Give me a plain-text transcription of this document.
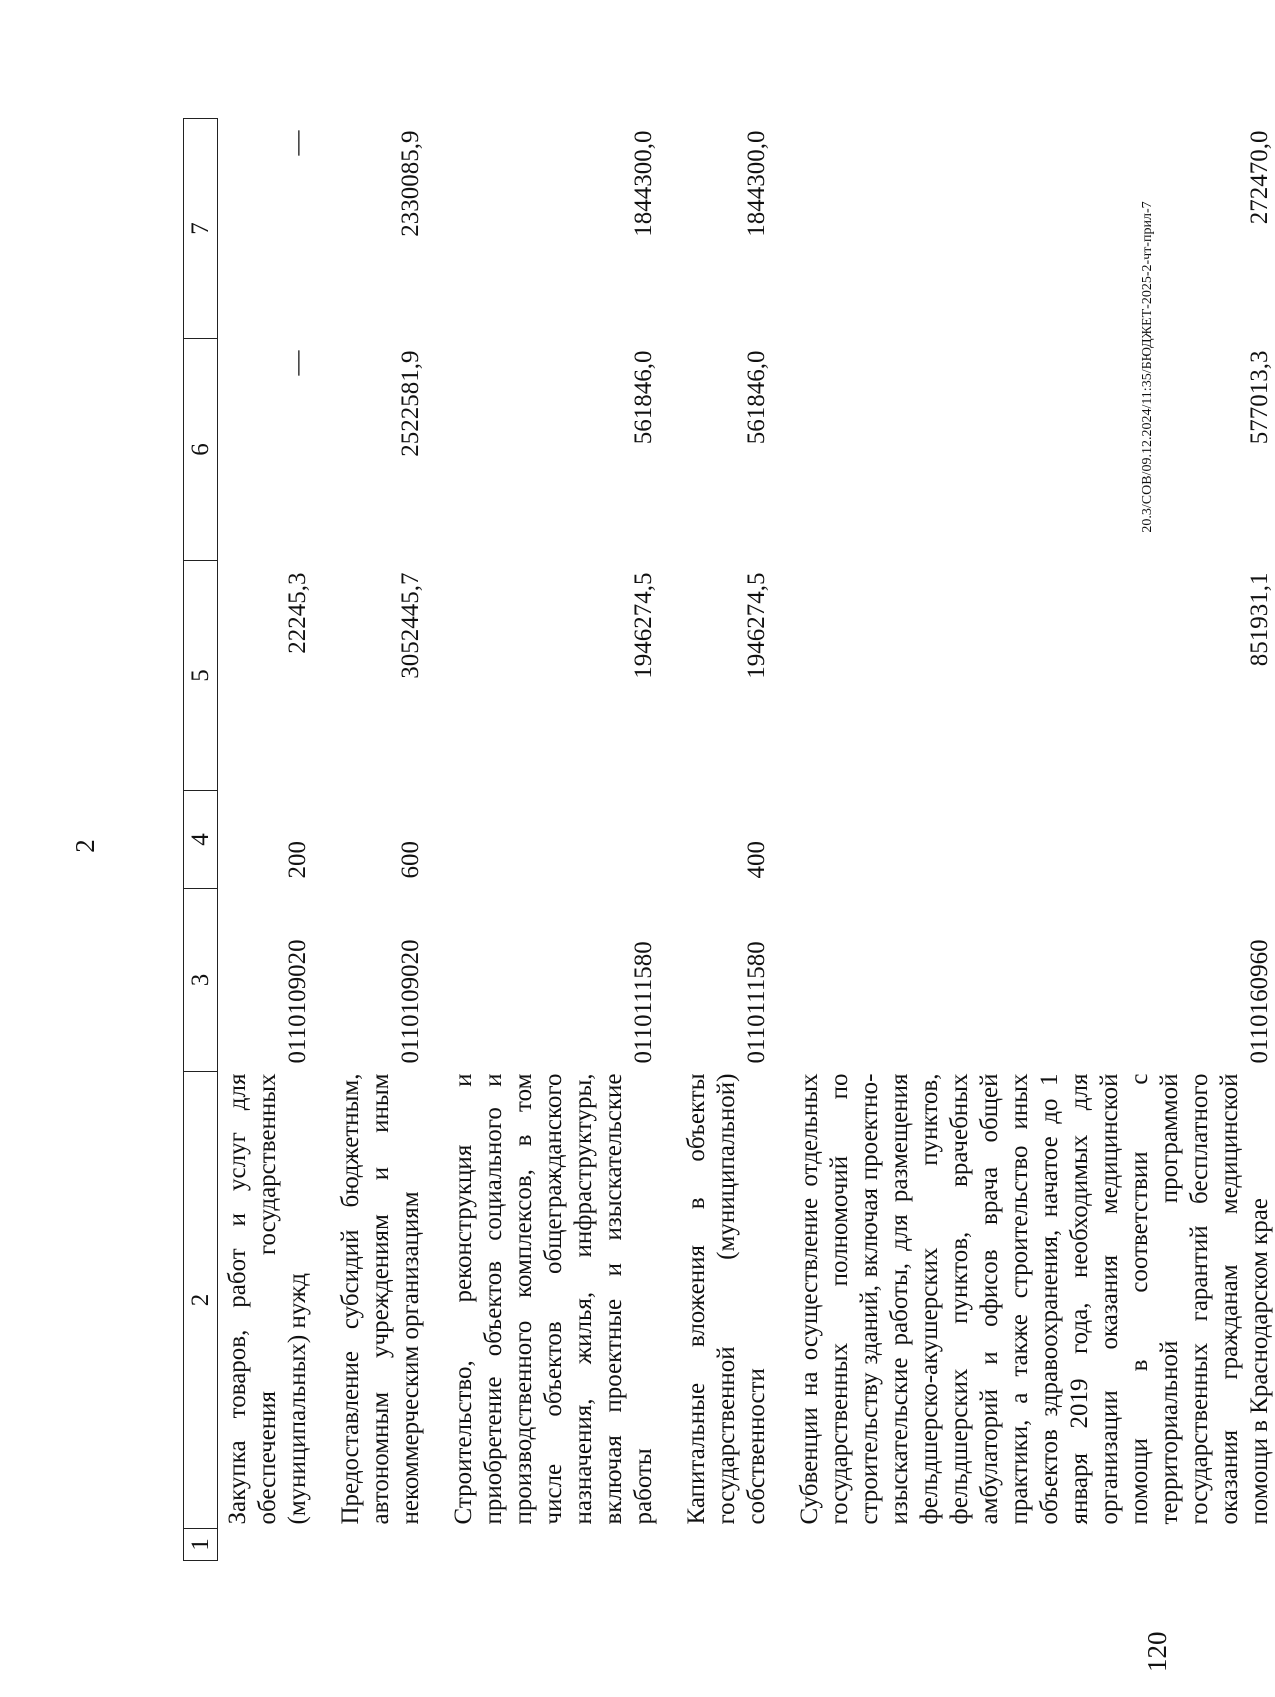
2
1	2	3	4	5	6	7
	Закупка товаров, работ и услуг для обеспечения государственных (муниципальных) нужд	0110109020	200	22245,3	—	—
	Предоставление субсидий бюджетным, автономным учреждениям и иным некоммерческим организациям	0110109020	600	3052445,7	2522581,9	2330085,9
	Строительство, реконструкция и приобретение объектов социального и производственного комплексов, в том числе объектов общегражданского назначения, жилья, инфраструктуры, включая проектные и изыскательские работы	0110111580		1946274,5	561846,0	1844300,0
	Капитальные вложения в объекты государственной (муниципальной) собственности	0110111580	400	1946274,5	561846,0	1844300,0
	Субвенции на осуществление отдельных государственных полномочий по строительству зданий, включая проектно-изыскательские работы, для размещения фельдшерско-акушерских пунктов, фельдшерских пунктов, врачебных амбулаторий и офисов врача общей практики, а также строительство иных объектов здравоохранения, начатое до 1 января 2019 года, необходимых для организации оказания медицинской помощи в соответствии с территориальной программой государственных гарантий бесплатного оказания гражданам медицинской помощи в Краснодарском крае	0110160960		851931,1	577013,3	272470,0
20.3/СОВ/09.12.2024/11:35/БЮДЖЕТ-2025-2-чт-прил-7
120
